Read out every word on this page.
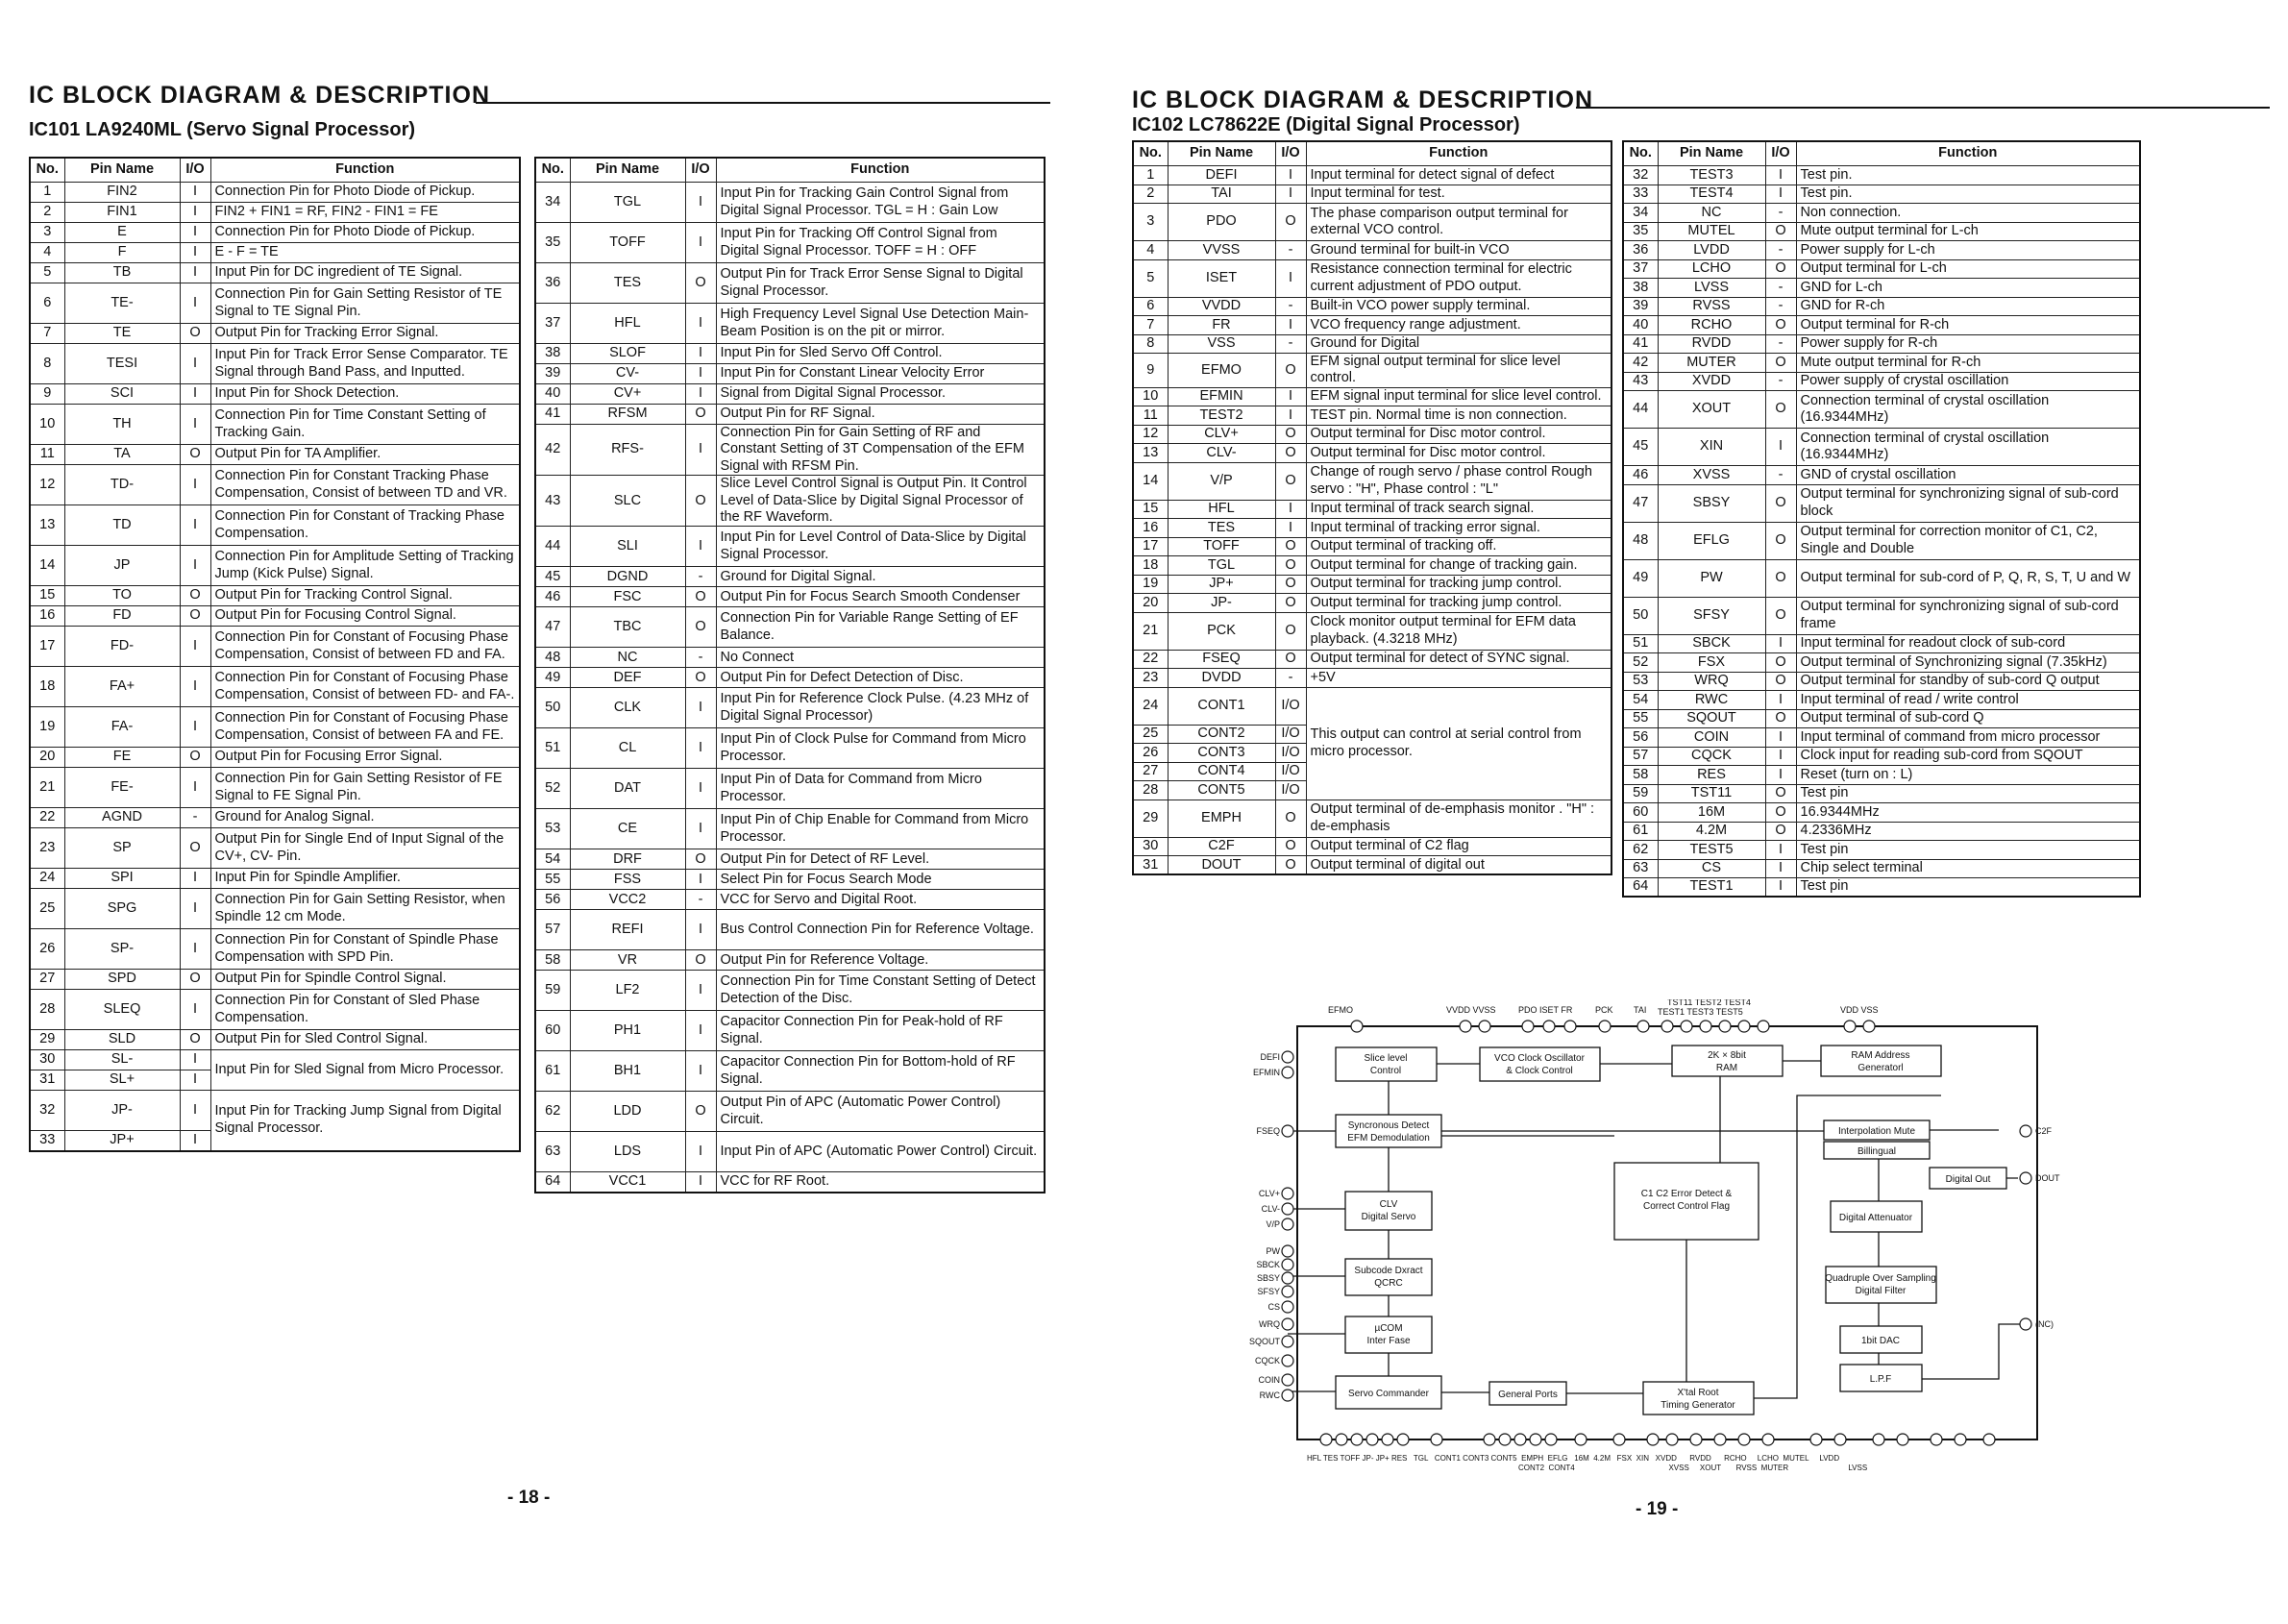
IC BLOCK DIAGRAM & DESCRIPTION
IC101 LA9240ML (Servo Signal Processor)
No.	Pin Name	I/O	Function
1	FIN2	I	Connection Pin for Photo Diode of Pickup.
2	FIN1	I	FIN2 + FIN1 = RF, FIN2 - FIN1 = FE
3	E	I	Connection Pin for Photo Diode of Pickup.
4	F	I	E - F = TE
5	TB	I	Input Pin for DC ingredient of TE Signal.
6	TE-	I	Connection Pin for Gain Setting Resistor of TE Signal to TE Signal Pin.
7	TE	O	Output Pin for Tracking Error Signal.
8	TESI	I	Input Pin for Track Error Sense Comparator. TE Signal through Band Pass, and Inputted.
9	SCI	I	Input Pin for Shock Detection.
10	TH	I	Connection Pin for Time Constant Setting of Tracking Gain.
11	TA	O	Output Pin for TA Amplifier.
12	TD-	I	Connection Pin for Constant Tracking Phase Compensation, Consist of between TD and VR.
13	TD	I	Connection Pin for Constant of Tracking Phase Compensation.
14	JP	I	Connection Pin for Amplitude Setting of Tracking Jump (Kick Pulse) Signal.
15	TO	O	Output Pin for Tracking Control Signal.
16	FD	O	Output Pin for Focusing Control Signal.
17	FD-	I	Connection Pin for Constant of Focusing Phase Compensation, Consist of between FD and FA.
18	FA+	I	Connection Pin for Constant of Focusing Phase Compensation, Consist of between FD- and FA-.
19	FA-	I	Connection Pin for Constant of Focusing Phase Compensation, Consist of between FA and FE.
20	FE	O	Output Pin for Focusing Error Signal.
21	FE-	I	Connection Pin for Gain Setting Resistor of FE Signal to FE Signal Pin.
22	AGND	-	Ground for Analog Signal.
23	SP	O	Output Pin for Single End of Input Signal of the CV+, CV- Pin.
24	SPI	I	Input Pin for Spindle Amplifier.
25	SPG	I	Connection Pin for Gain Setting Resistor, when Spindle 12 cm Mode.
26	SP-	I	Connection Pin for Constant of Spindle Phase Compensation with SPD Pin.
27	SPD	O	Output Pin for Spindle Control Signal.
28	SLEQ	I	Connection Pin for Constant of Sled Phase Compensation.
29	SLD	O	Output Pin for Sled Control Signal.
30	SL-	I	Input Pin for Sled Signal from Micro Processor.
31	SL+	I	
32	JP-	I	Input Pin for Tracking Jump Signal from Digital Signal Processor.
33	JP+	I	
No.	Pin Name	I/O	Function
34	TGL	I	Input Pin for Tracking Gain Control Signal from Digital Signal Processor. TGL = H : Gain Low
35	TOFF	I	Input Pin for Tracking Off Control Signal from Digital Signal Processor. TOFF = H : OFF
36	TES	O	Output Pin for Track Error Sense Signal to Digital Signal Processor.
37	HFL	I	High Frequency Level Signal Use Detection Main-Beam Position is on the pit or mirror.
38	SLOF	I	Input Pin for Sled Servo Off Control.
39	CV-	I	Input Pin for Constant Linear Velocity Error
40	CV+	I	Signal from Digital Signal Processor.
41	RFSM	O	Output Pin for RF Signal.
42	RFS-	I	Connection Pin for Gain Setting of RF and Constant Setting of 3T Compensation of the EFM Signal with RFSM Pin.
43	SLC	O	Slice Level Control Signal is Output Pin. It Control Level of Data-Slice by Digital Signal Processor of the RF Waveform.
44	SLI	I	Input Pin for Level Control of Data-Slice by Digital Signal Processor.
45	DGND	-	Ground for Digital Signal.
46	FSC	O	Output Pin for Focus Search Smooth Condenser
47	TBC	O	Connection Pin for Variable Range Setting of EF Balance.
48	NC	-	No Connect
49	DEF	O	Output Pin for Defect Detection of Disc.
50	CLK	I	Input Pin for Reference Clock Pulse. (4.23 MHz of Digital Signal Processor)
51	CL	I	Input Pin of Clock Pulse for Command from Micro Processor.
52	DAT	I	Input Pin of Data for Command from Micro Processor.
53	CE	I	Input Pin of Chip Enable for Command from Micro Processor.
54	DRF	O	Output Pin for Detect of RF Level.
55	FSS	I	Select Pin for Focus Search Mode
56	VCC2	-	VCC for Servo and Digital Root.
57	REFI	I	Bus Control Connection Pin for Reference Voltage.
58	VR	O	Output Pin for Reference Voltage.
59	LF2	I	Connection Pin for Time Constant Setting of Detect Detection of the Disc.
60	PH1	I	Capacitor Connection Pin for Peak-hold of RF Signal.
61	BH1	I	Capacitor Connection Pin for Bottom-hold of RF Signal.
62	LDD	O	Output Pin of APC (Automatic Power Control) Circuit.
63	LDS	I	Input Pin of APC (Automatic Power Control) Circuit.
64	VCC1	I	VCC for RF Root.
- 18 -
IC BLOCK DIAGRAM & DESCRIPTION
IC102 LC78622E (Digital Signal Processor)
No.	Pin Name	I/O	Function
1	DEFI	I	Input terminal for detect signal of defect
2	TAI	I	Input terminal for test.
3	PDO	O	The phase comparison output terminal for external VCO control.
4	VVSS	-	Ground terminal for built-in VCO
5	ISET	I	Resistance connection terminal for electric current adjustment of PDO output.
6	VVDD	-	Built-in VCO power supply terminal.
7	FR	I	VCO frequency range adjustment.
8	VSS	-	Ground for Digital
9	EFMO	O	EFM signal output terminal for slice level control.
10	EFMIN	I	EFM signal input terminal for slice level control.
11	TEST2	I	TEST pin. Normal time is non connection.
12	CLV+	O	Output terminal for Disc motor control.
13	CLV-	O	Output terminal for Disc motor control.
14	V/P	O	Change of rough servo / phase control Rough servo : "H", Phase control : "L"
15	HFL	I	Input terminal of track search signal.
16	TES	I	Input terminal of tracking error signal.
17	TOFF	O	Output terminal of tracking off.
18	TGL	O	Output terminal for change of tracking gain.
19	JP+	O	Output terminal for tracking jump control.
20	JP-	O	Output terminal for tracking jump control.
21	PCK	O	Clock monitor output terminal for EFM data playback. (4.3218 MHz)
22	FSEQ	O	Output terminal for detect of SYNC signal.
23	DVDD	-	+5V
24	CONT1	I/O	This output can control at serial control from micro processor.
25	CONT2	I/O	
26	CONT3	I/O	
27	CONT4	I/O	
28	CONT5	I/O	
29	EMPH	O	Output terminal of de-emphasis monitor . "H" : de-emphasis
30	C2F	O	Output terminal of C2 flag
31	DOUT	O	Output terminal of digital out
No.	Pin Name	I/O	Function
32	TEST3	I	Test pin.
33	TEST4	I	Test pin.
34	NC	-	Non connection.
35	MUTEL	O	Mute output terminal for L-ch
36	LVDD	-	Power supply for L-ch
37	LCHO	O	Output terminal for L-ch
38	LVSS	-	GND for L-ch
39	RVSS	-	GND for R-ch
40	RCHO	O	Output terminal for R-ch
41	RVDD	-	Power supply for R-ch
42	MUTER	O	Mute output terminal for R-ch
43	XVDD	-	Power supply of crystal oscillation
44	XOUT	O	Connection terminal of crystal oscillation (16.9344MHz)
45	XIN	I	Connection terminal of crystal oscillation (16.9344MHz)
46	XVSS	-	GND of crystal oscillation
47	SBSY	O	Output terminal for synchronizing signal of sub-cord block
48	EFLG	O	Output terminal for correction monitor of C1, C2, Single and Double
49	PW	O	Output terminal for sub-cord of P, Q, R, S, T, U and W
50	SFSY	O	Output terminal for synchronizing signal of sub-cord frame
51	SBCK	I	Input terminal for readout clock of sub-cord
52	FSX	O	Output terminal of Synchronizing signal (7.35kHz)
53	WRQ	O	Output terminal for standby of sub-cord Q output
54	RWC	I	Input terminal of read / write control
55	SQOUT	O	Output terminal of sub-cord Q
56	COIN	I	Input terminal of command from micro processor
57	CQCK	I	Clock input for reading sub-cord from SQOUT
58	RES	I	Reset (turn on : L)
59	TST11	O	Test pin
60	16M	O	16.9344MHz
61	4.2M	O	4.2336MHz
62	TEST5	I	Test pin
63	CS	I	Chip select terminal
64	TEST1	I	Test pin
EFMO	VVDD VVSS	PDO ISET FR	PCK TAI
TST11 TEST2 TEST4
TEST1 TEST3 TEST5	VDD VSS
DEFI
EFMIN
FSEQ
CLV+
CLV-
V/P
PW
SBCK
SBSY
SFSY
CS
WRQ
SQOUT
CQCK
COIN
RWC
C2F
DOUT
(NC)
HFL TES TOFF JP- JP+ RES   TGL   CONT1 CONT3 CONT5  EMPH  EFLG   16M  4.2M   FSX  XIN   XVDD      RVDD      RCHO     LCHO  MUTEL     LVDD
CONT2  CONT4                                            XVSS     XOUT       RVSS  MUTER                            LVSS
Slice level
Control
VCO Clock Oscillator
& Clock Control
2K × 8bit
RAM
RAM Address
Generatorl
Syncronous Detect
EFM Demodulation
Interpolation Mute
Billingual
Digital Out
C1 C2 Error Detect &
Correct Control Flag
CLV
Digital Servo	Digital Attenuator
Subcode Dxract
QCRC	Quadruple Over Sampling
Digital Filter
µCOM
Inter Fase	1bit DAC
L.P.F
Servo Commander	General Ports	X'tal Root
Timing Generator
- 19 -
